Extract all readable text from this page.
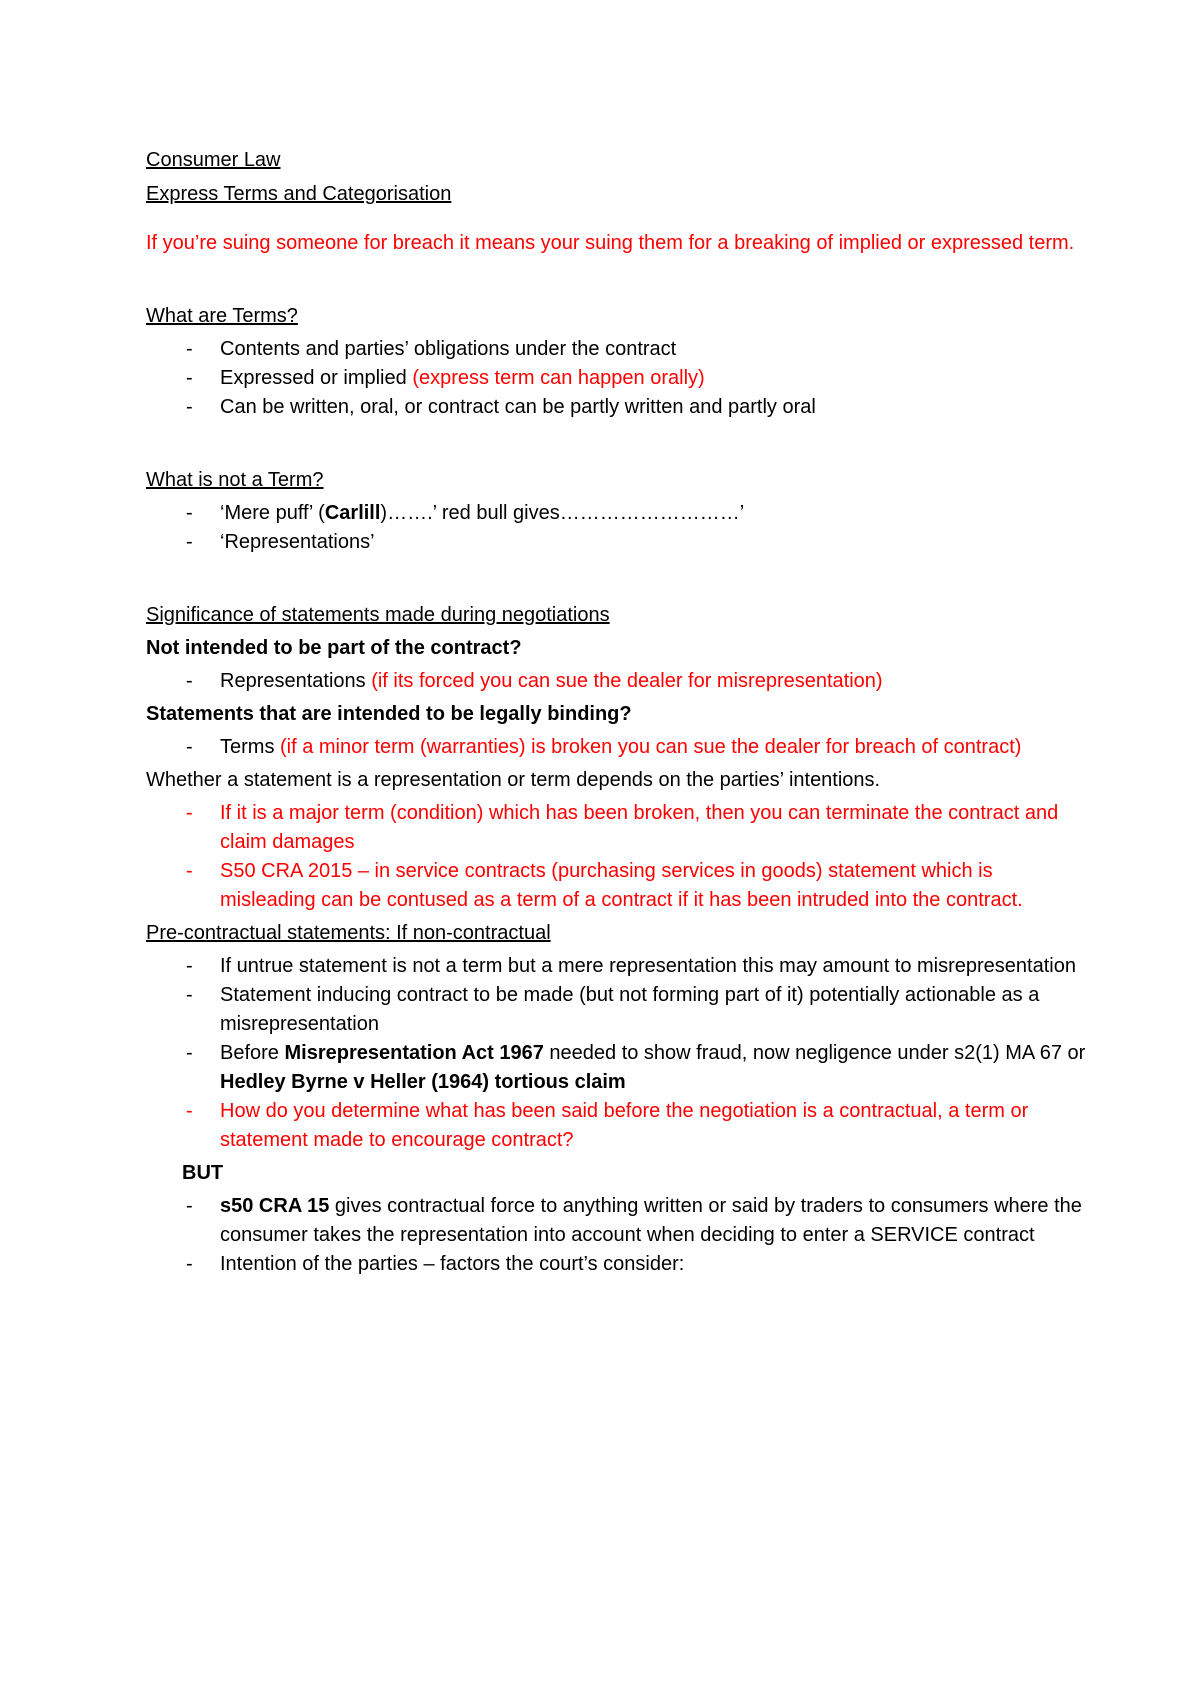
Consumer Law

Express Terms and Categorisation

If you’re suing someone for breach it means your suing them for a breaking of implied or expressed term.

What are Terms?

- Contents and parties’ obligations under the contract
- Expressed or implied (express term can happen orally)
- Can be written, oral, or contract can be partly written and partly oral

What is not a Term?

- ‘Mere puff’ (Carlill)…….’ red bull gives………………………’
- ‘Representations’

Significance of statements made during negotiations

Not intended to be part of the contract?

- Representations (if its forced you can sue the dealer for misrepresentation)

Statements that are intended to be legally binding?

- Terms (if a minor term (warranties) is broken you can sue the dealer for breach of contract)

Whether a statement is a representation or term depends on the parties’ intentions.

- If it is a major term (condition) which has been broken, then you can terminate the contract and claim damages
- S50 CRA 2015 – in service contracts (purchasing services in goods) statement which is misleading can be contused as a term of a contract if it has been intruded into the contract.

Pre-contractual statements: If non-contractual

- If untrue statement is not a term but a mere representation this may amount to misrepresentation
- Statement inducing contract to be made (but not forming part of it) potentially actionable as a misrepresentation
- Before Misrepresentation Act 1967 needed to show fraud, now negligence under s2(1) MA 67 or Hedley Byrne v Heller (1964) tortious claim
- How do you determine what has been said before the negotiation is a contractual, a term or statement made to encourage contract?

BUT

- s50 CRA 15 gives contractual force to anything written or said by traders to consumers where the consumer takes the representation into account when deciding to enter a SERVICE contract
- Intention of the parties – factors the court’s consider:
